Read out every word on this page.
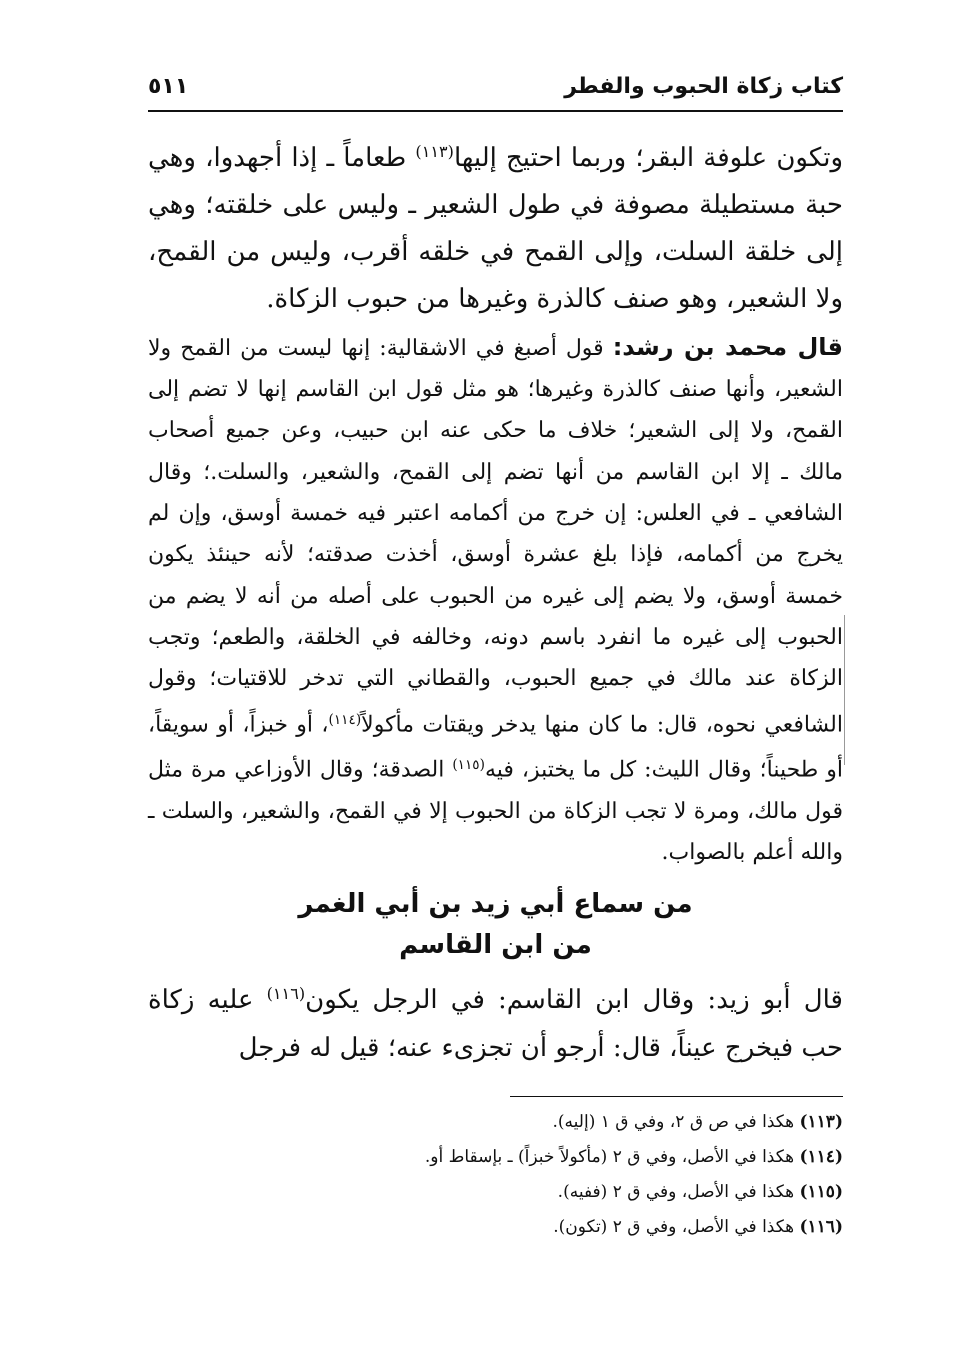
كتاب زكاة الحبوب والفطر
٥١١

وتكون علوفة البقر؛ وربما احتيج إليها$^{(١١٣)}$ طعاماً ـ إذا أجهدوا، وهي حبة مستطيلة مصوفة في طول الشعير ـ وليس على خلقته؛ وهي إلى خلقة السلت، وإلى القمح في خلقه أقرب، وليس من القمح، ولا الشعير، وهو صنف كالذرة وغيرها من حبوب الزكاة.

قال محمد بن رشد: قول أصبغ في الاشقالية: إنها ليست من القمح ولا الشعير، وأنها صنف كالذرة وغيرها؛ هو مثل قول ابن القاسم إنها لا تضم إلى القمح، ولا إلى الشعير؛ خلاف ما حكى عنه ابن حبيب، وعن جميع أصحاب مالك ـ إلا ابن القاسم من أنها تضم إلى القمح، والشعير، والسلت.؛ وقال الشافعي ـ في العلس: إن خرج من أكمامه اعتبر فيه خمسة أوسق، وإن لم يخرج من أكمامه، فإذا بلغ عشرة أوسق، أخذت صدقته؛ لأنه حينئذ يكون خمسة أوسق، ولا يضم إلى غيره من الحبوب على أصله من أنه لا يضم من الحبوب إلى غيره ما انفرد باسم دونه، وخالفه في الخلقة، والطعم؛ وتجب الزكاة عند مالك في جميع الحبوب، والقطاني التي تدخر للاقتيات؛ وقول الشافعي نحوه، قال: ما كان منها يدخر ويقتات مأكولاً$^{(١١٤)}$، أو خبزاً، أو سويقاً، أو طحيناً؛ وقال الليث: كل ما يختبز، فيه$^{(١١٥)}$ الصدقة؛ وقال الأوزاعي مرة مثل قول مالك، ومرة لا تجب الزكاة من الحبوب إلا في القمح، والشعير، والسلت ـ والله أعلم بالصواب.

من سماع أبي زيد بن أبي الغمر

من ابن القاسم

قال أبو زيد: وقال ابن القاسم: في الرجل يكون$^{(١١٦)}$ عليه زكاة حب فيخرج عيناً، قال: أرجو أن تجزىء عنه؛ قيل له فرجل

(١١٣) هكذا في ص ق ٢، وفي ق ١ (إليه).

(١١٤) هكذا في الأصل، وفي ق ٢ (مأكولاً خبزاً) ـ بإسقاط أو.

(١١٥) هكذا في الأصل، وفي ق ٢ (ففيه).

(١١٦) هكذا في الأصل، وفي ق ٢ (تكون).
